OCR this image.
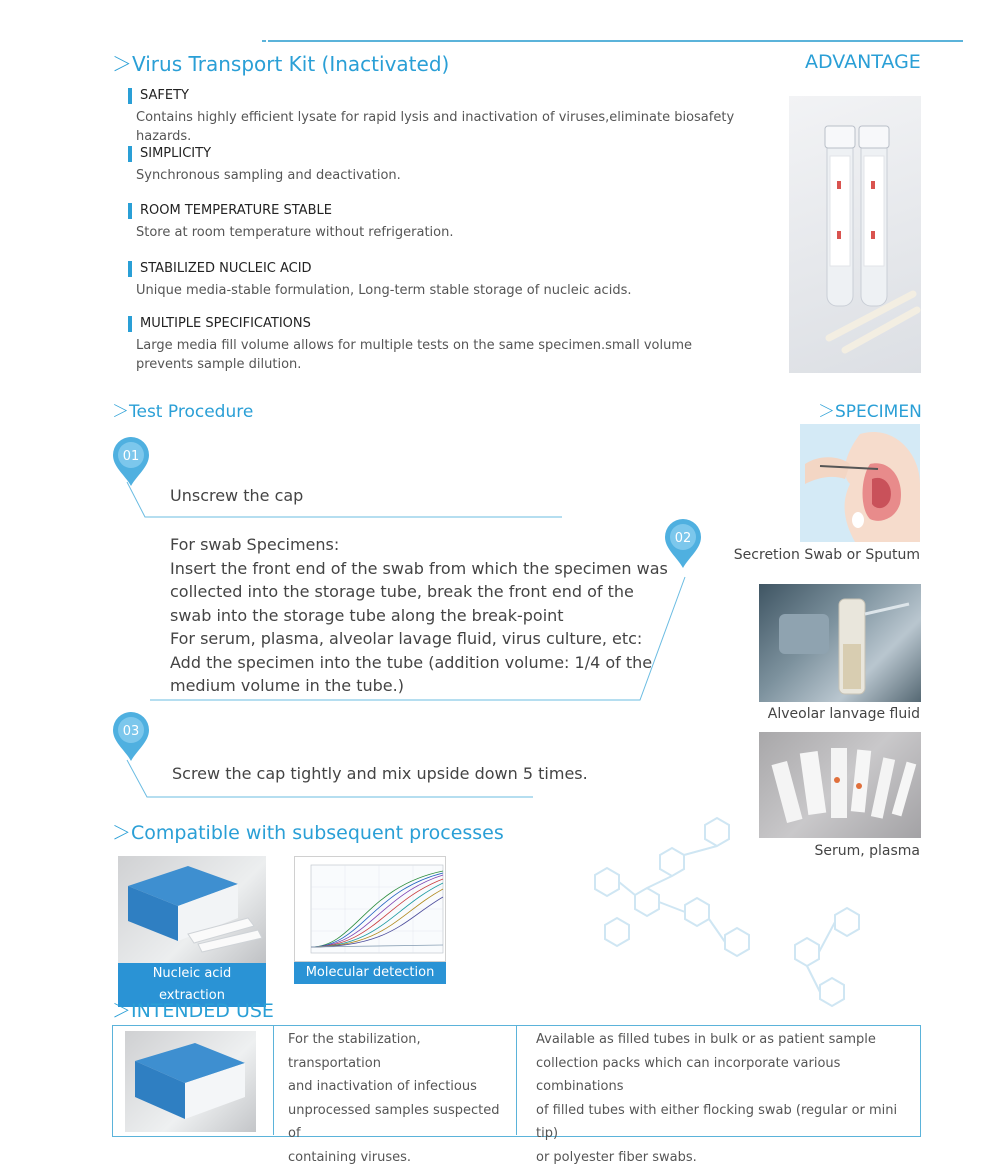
＞Virus Transport Kit (Inactivated)	ADVANTAGE
SAFETY
Contains highly efficient lysate for rapid lysis and inactivation of viruses,eliminate biosafety hazards.
SIMPLICITY
Synchronous sampling and deactivation.
ROOM TEMPERATURE STABLE
Store at room temperature without refrigeration.
STABILIZED NUCLEIC ACID
Unique media-stable formulation, Long-term stable storage of nucleic acids.
MULTIPLE SPECIFICATIONS
Large media fill volume allows for multiple tests on the same specimen.small volume prevents sample dilution.
＞Test Procedure
01
Unscrew the cap
For swab Specimens:
Insert the front end of the swab from which the specimen was
collected into the storage tube, break the front end of the
swab into the storage tube along the break-point
For serum, plasma, alveolar lavage fluid, virus culture, etc:
Add the specimen into the tube (addition volume: 1/4 of the
medium volume in the tube.)
02
03
Screw the cap tightly and mix upside down 5 times.
＞SPECIMEN
Secretion Swab or Sputum
Alveolar lanvage fluid
Serum, plasma
＞Compatible with subsequent processes
Nucleic acid extraction
Molecular detection
＞INTENDED USE
For the stabilization, transportation
and inactivation of infectious
unprocessed samples suspected of
containing viruses.
Available as filled tubes in bulk or as patient sample
collection packs which can incorporate various combinations
of filled tubes with either flocking swab (regular or mini tip)
or polyester fiber swabs.
